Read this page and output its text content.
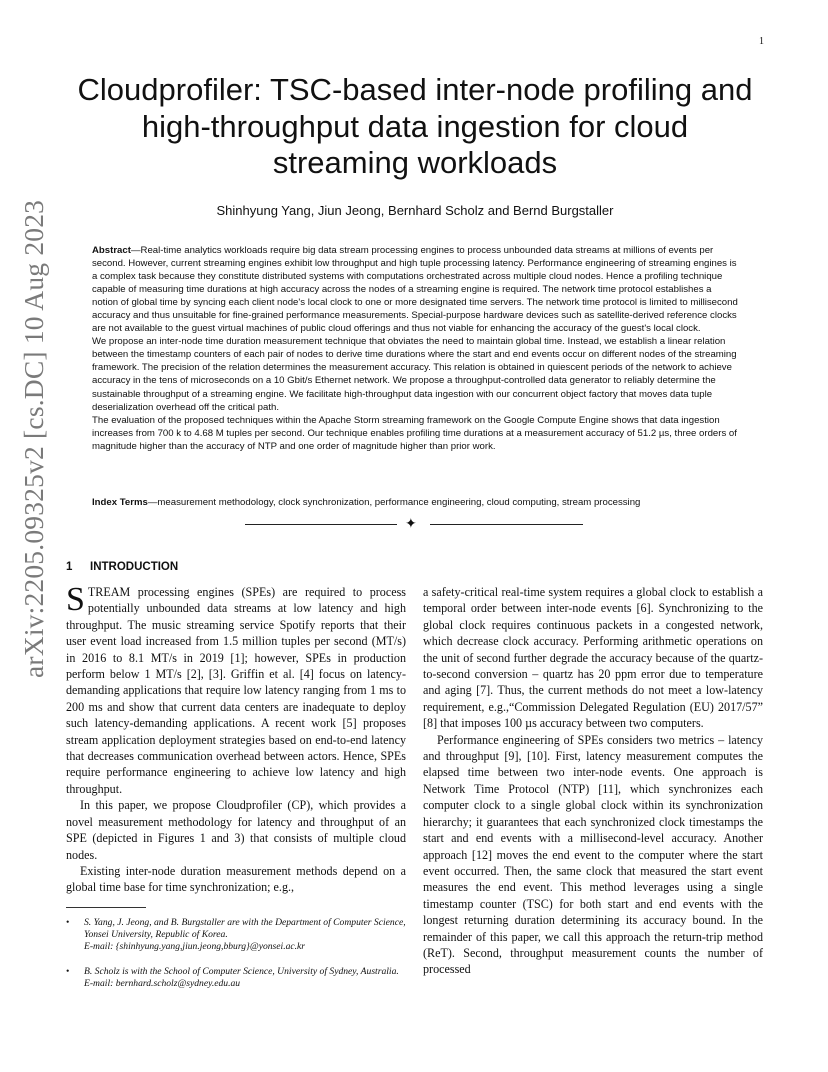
1
arXiv:2205.09325v2 [cs.DC] 10 Aug 2023
Cloudprofiler: TSC-based inter-node profiling and high-throughput data ingestion for cloud streaming workloads
Shinhyung Yang, Jiun Jeong, Bernhard Scholz and Bernd Burgstaller

Abstract—Real-time analytics workloads require big data stream processing engines to process unbounded data streams at millions of events per second. However, current streaming engines exhibit low throughput and high tuple processing latency. Performance engineering of streaming engines is a complex task because they constitute distributed systems with computations orchestrated across multiple cloud nodes. Hence a profiling technique capable of measuring time durations at high accuracy across the nodes of a streaming engine is required. The network time protocol establishes a notion of global time by syncing each client node's local clock to one or more designated time servers. The network time protocol is limited to millisecond accuracy and thus unsuitable for fine-grained performance measurements. Special-purpose hardware devices such as satellite-derived reference clocks are not available to the guest virtual machines of public cloud offerings and thus not viable for enhancing the accuracy of the guest's local clock.

We propose an inter-node time duration measurement technique that obviates the need to maintain global time. Instead, we establish a linear relation between the timestamp counters of each pair of nodes to derive time durations where the start and end events occur on different nodes of the streaming framework. The precision of the relation determines the measurement accuracy. This relation is obtained in quiescent periods of the network to achieve accuracy in the tens of microseconds on a 10 Gbit/s Ethernet network. We propose a throughput-controlled data generator to reliably determine the sustainable throughput of a streaming engine. We facilitate high-throughput data ingestion with our concurrent object factory that moves data tuple deserialization overhead off the critical path.

The evaluation of the proposed techniques within the Apache Storm streaming framework on the Google Compute Engine shows that data ingestion increases from 700 k to 4.68 M tuples per second. Our technique enables profiling time durations at a measurement accuracy of 51.2 µs, three orders of magnitude higher than the accuracy of NTP and one order of magnitude higher than prior work.

Index Terms—measurement methodology, clock synchronization, performance engineering, cloud computing, stream processing
✦
1 INTRODUCTION

STREAM processing engines (SPEs) are required to process potentially unbounded data streams at low latency and high throughput. The music streaming service Spotify reports that their user event load increased from 1.5 million tuples per second (MT/s) in 2016 to 8.1 MT/s in 2019 [1]; however, SPEs in production perform below 1 MT/s [2], [3]. Griffin et al. [4] focus on latency-demanding applications that require low latency ranging from 1 ms to 200 ms and show that current data centers are inadequate to deploy such latency-demanding applications. A recent work [5] proposes stream application deployment strategies based on end-to-end latency that decreases communication overhead between actors. Hence, SPEs require performance engineering to achieve low latency and high throughput.

In this paper, we propose Cloudprofiler (CP), which provides a novel measurement methodology for latency and throughput of an SPE (depicted in Figures 1 and 3) that consists of multiple cloud nodes.

Existing inter-node duration measurement methods depend on a global time base for time synchronization; e.g.,

a safety-critical real-time system requires a global clock to establish a temporal order between inter-node events [6]. Synchronizing to the global clock requires continuous packets in a congested network, which decrease clock accuracy. Performing arithmetic operations on the unit of second further degrade the accuracy because of the quartz-to-second conversion – quartz has 20 ppm error due to temperature and aging [7]. Thus, the current methods do not meet a low-latency requirement, e.g.,“Commission Delegated Regulation (EU) 2017/57” [8] that imposes 100 µs accuracy between two computers.

Performance engineering of SPEs considers two metrics – latency and throughput [9], [10]. First, latency measurement computes the elapsed time between two inter-node events. One approach is Network Time Protocol (NTP) [11], which synchronizes each computer clock to a single global clock within its synchronization hierarchy; it guarantees that each synchronized clock timestamps the start and end events with a millisecond-level accuracy. Another approach [12] moves the end event to the computer where the start event occurred. Then, the same clock that measured the start event measures the end event. This method leverages using a single timestamp counter (TSC) for both start and end events with the longest returning duration determining its accuracy bound. In the remainder of this paper, we call this approach the return-trip method (ReT). Second, throughput measurement counts the number of processed

• S. Yang, J. Jeong, and B. Burgstaller are with the Department of Computer Science, Yonsei University, Republic of Korea.
E-mail: {shinhyung.yang,jiun.jeong,bburg}@yonsei.ac.kr
• B. Scholz is with the School of Computer Science, University of Sydney, Australia.
E-mail: bernhard.scholz@sydney.edu.au
